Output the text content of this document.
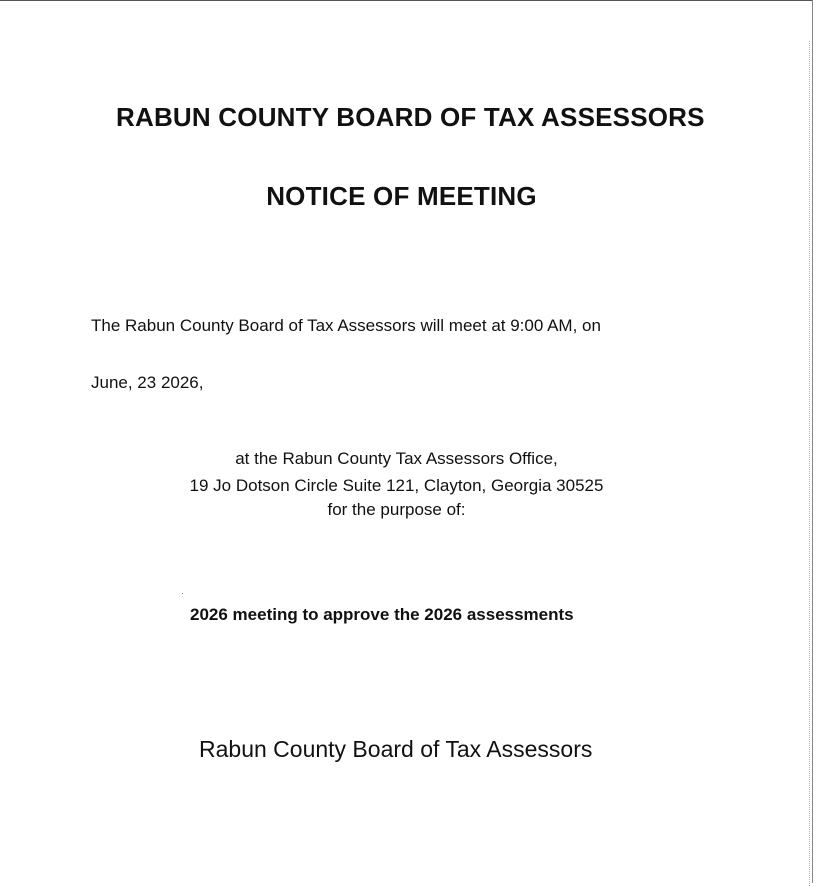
RABUN COUNTY BOARD OF TAX ASSESSORS
NOTICE OF MEETING
The Rabun County Board of Tax Assessors will meet at 9:00 AM, on
June, 23 2026,
at the Rabun County Tax Assessors Office,
19 Jo Dotson Circle Suite 121, Clayton, Georgia 30525
for the purpose of:
2026 meeting to approve the 2026 assessments
Rabun County Board of Tax Assessors
